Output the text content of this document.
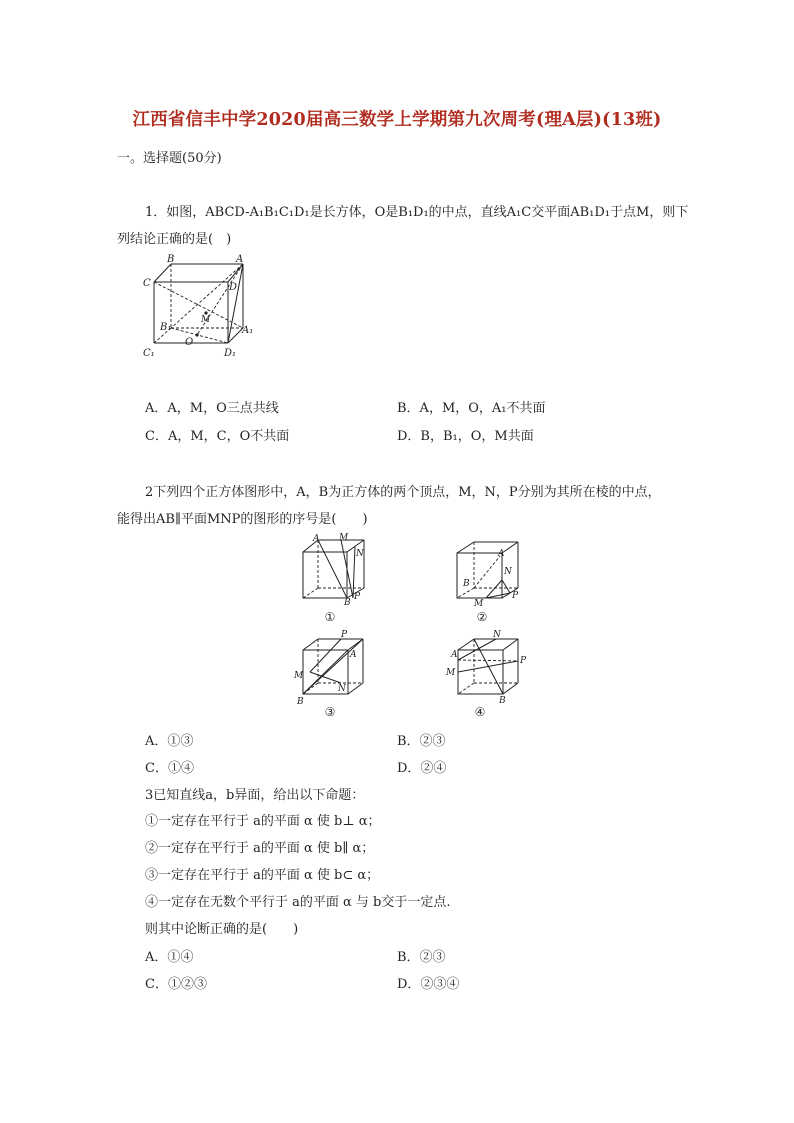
江西省信丰中学2020届高三数学上学期第九次周考(理A层)(13班)
一。选择题(50分)
1．如图，ABCD-A₁B₁C₁D₁是长方体，O是B₁D₁的中点，直线A₁C交平面AB₁D₁于点M，则下
列结论正确的是(　)
B	A
C	D
M
B₁	A₁
O
C₁	D₁
A．A，M，O三点共线	B．A，M，O，A₁不共面
C．A，M，C，O不共面	D．B，B₁，O，M共面
2下列四个正方体图形中，A，B为正方体的两个顶点，M，N，P分别为其所在棱的中点，
能得出AB∥平面MNP的图形的序号是(　　)
A M
N
P
B
①
A
N
B
P
M
②
P
A
M
N
B
③
N
A
P
M
B
④
A．①③	B．②③
C．①④	D．②④
3已知直线a，b异面，给出以下命题：
①一定存在平行于 a的平面 α 使 b⊥ α；
②一定存在平行于 a的平面 α 使 b∥ α；
③一定存在平行于 a的平面 α 使 b⊂ α；
④一定存在无数个平行于 a的平面 α 与 b交于一定点.
则其中论断正确的是(　　)
A．①④	B．②③
C．①②③	D．②③④
